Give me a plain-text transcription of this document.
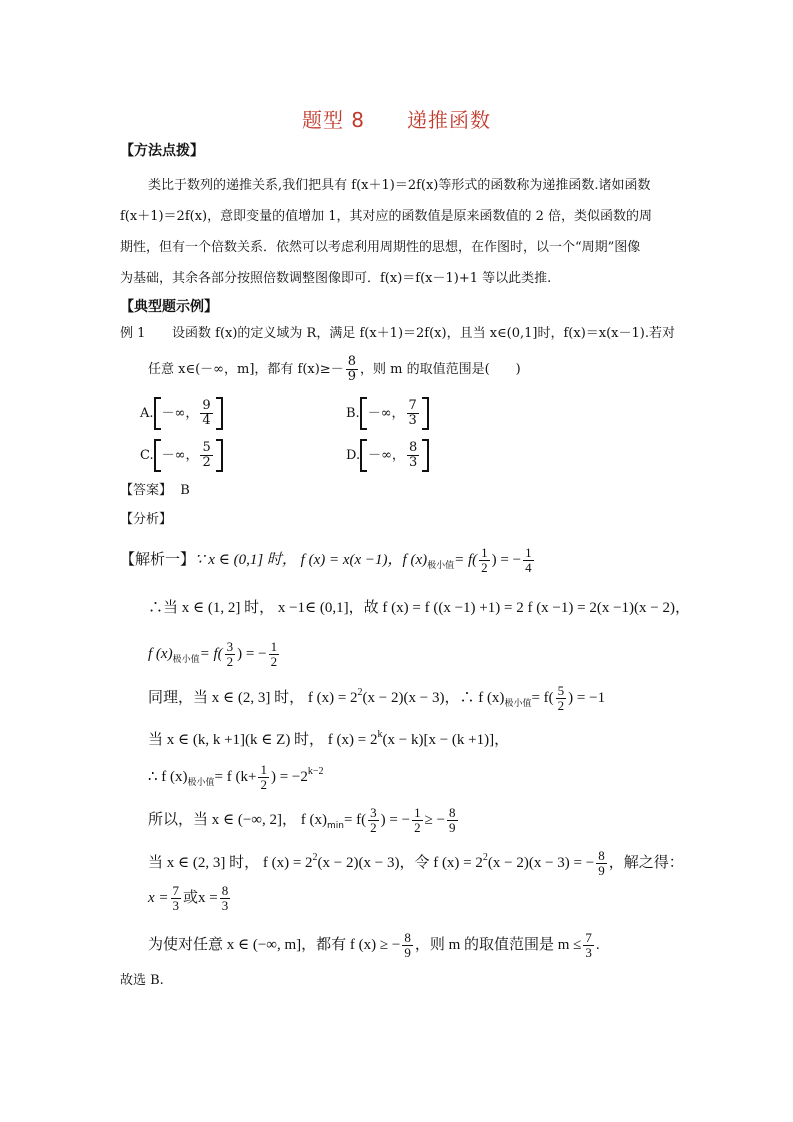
题型 8　　递推函数
【方法点拨】
类比于数列的递推关系,我们把具有 f(x＋1)＝2f(x)等形式的函数称为递推函数.诸如函数
f(x＋1)＝2f(x)，意即变量的值增加 1，其对应的函数值是原来函数值的 2 倍，类似函数的周
期性，但有一个倍数关系．依然可以考虑利用周期性的思想，在作图时，以一个“周期”图像
为基础，其余各部分按照倍数调整图像即可．f(x)＝f(x－1)+1 等以此类推.
【典型题示例】
例 1 设函数 f(x)的定义域为 R，满足 f(x＋1)＝2f(x)，且当 x∈(0,1]时，f(x)＝x(x－1).若对
任意 x∈(－∞，m]，都有 $f(x)\ge- \frac{8}{9}$ ，则 m 的取值范围是(　　)
A. －∞， $\frac{9}{4}$	B. －∞， $\frac{7}{3}$
C. －∞， $\frac{5}{2}$	D. －∞， $\frac{8}{3}$
【答案】 B
【分析】
【解析一】∵ x ∈ (0,1] 时， f (x) = x(x −1)，f $(x)_{极小值}= f( \frac{1}{2}$ ) = − $\frac{1}{4}$
∴当 x ∈ (1, 2] 时， x −1∈ (0,1]，故 f (x) = f ((x −1) +1) = 2 f (x −1) = 2(x −1)(x − 2)，
f $(x)_{极小值}= f( \frac{3}{2}$ ) = − $\frac{1}{2}$
同理，当 x ∈ (2, 3] 时， f $(x) = 2^2(x - 2)(x - 3)$，∴ f $(x)_{极小值}= f( \frac{5}{2}$ ) = −1
当 x ∈ (k, k +1](k ∈ Z) 时， f $(x) = 2^k(x - k)[x - (k +1)]$，
∴ f $(x)_{极小值}= f$ ($k+ \frac{1}{2}$ ) = $-2^{k-2}$
所以，当 x ∈ (−∞, 2]， f $(x)_{min}= f( \frac{3}{2}$ ) = − $\frac{1}{2}$ ≥ − $\frac{8}{9}$
当 x ∈ (2, 3] 时， f $(x) = 2^2(x - 2)(x - 3)$，令 f $(x) = 2^2(x - 2)(x - 3)$ = − $\frac{8}{9}$ ，解之得：
$x = \frac{7}{3}$ 或$x = \frac{8}{3}$
为使对任意 x ∈ (−∞, m]，都有 f (x) ≥ − $\frac{8}{9}$ ，则 m 的取值范围是 $m \le \frac{7}{3}$ .
故选 B.
